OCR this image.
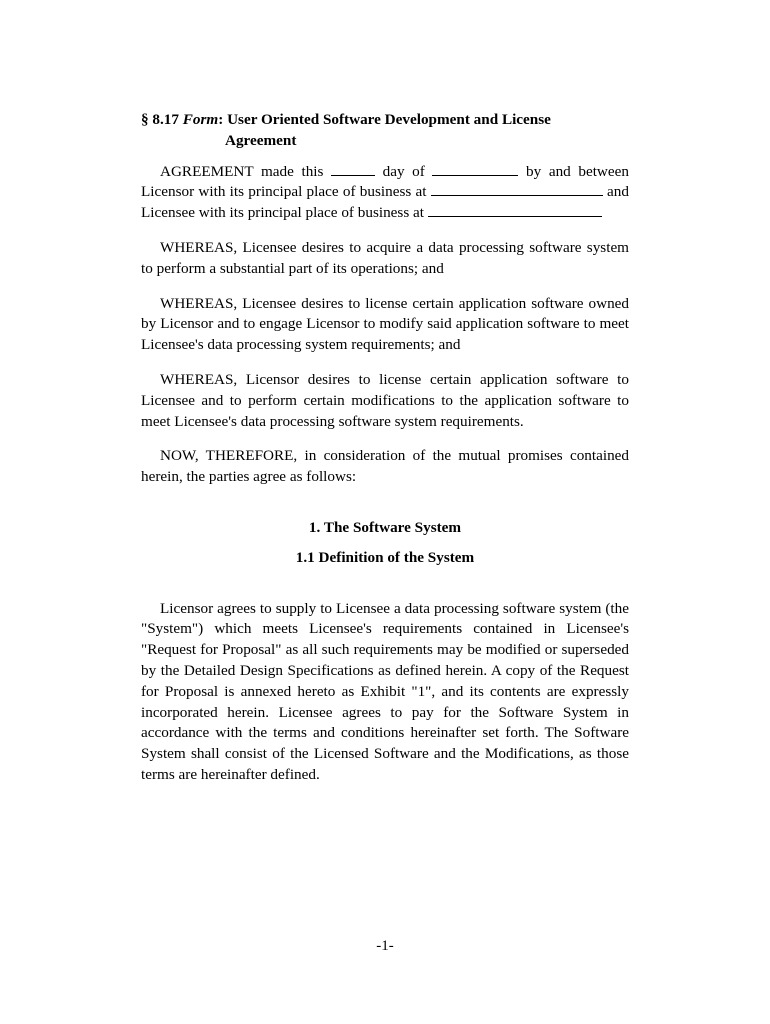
§ 8.17 Form: User Oriented Software Development and License
Agreement

AGREEMENT made this	day of	by and between Licensor with its principal place of business at	and Licensee with its principal place of business at

WHEREAS, Licensee desires to acquire a data processing software system to perform a substantial part of its operations; and

WHEREAS, Licensee desires to license certain application software owned by Licensor and to engage Licensor to modify said application software to meet Licensee's data processing system requirements; and

WHEREAS, Licensor desires to license certain application software to Licensee and to perform certain modifications to the application software to meet Licensee's data processing software system requirements.

NOW, THEREFORE, in consideration of the mutual promises contained herein, the parties agree as follows:

1. The Software System

1.1 Definition of the System

Licensor agrees to supply to Licensee a data processing software system (the "System") which meets Licensee's requirements contained in Licensee's "Request for Proposal" as all such requirements may be modified or superseded by the Detailed Design Specifications as defined herein. A copy of the Request for Proposal is annexed hereto as Exhibit "1", and its contents are expressly incorporated herein. Licensee agrees to pay for the Software System in accordance with the terms and conditions hereinafter set forth. The Software System shall consist of the Licensed Software and the Modifications, as those terms are hereinafter defined.

-1-
